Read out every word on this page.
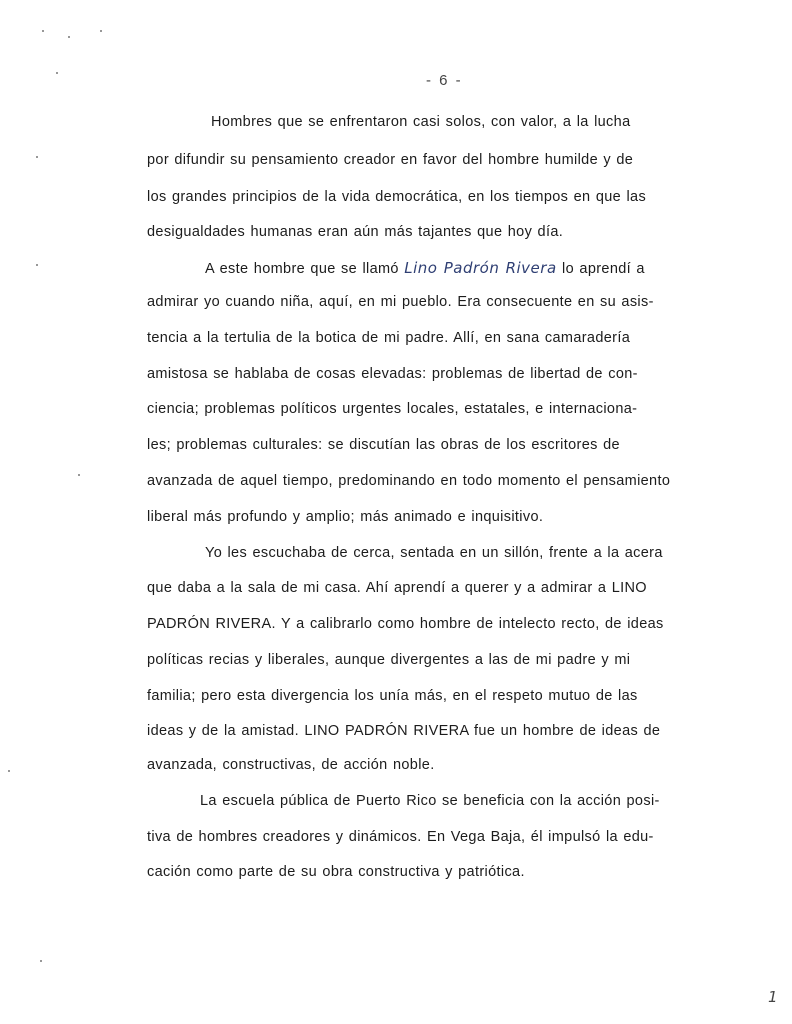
- 6 -
Hombres que se enfrentaron casi solos, con valor, a la lucha
por difundir su pensamiento creador en favor del hombre humilde y de
los grandes principios de la vida democrática, en los tiempos en que las
desigualdades humanas eran aún más tajantes que hoy día.
A este hombre que se llamó Lino Padrón Rivera lo aprendí a
admirar yo cuando niña, aquí, en mi pueblo. Era consecuente en su asis-
tencia a la tertulia de la botica de mi padre. Allí, en sana camaradería
amistosa se hablaba de cosas elevadas: problemas de libertad de con-
ciencia; problemas políticos urgentes locales, estatales, e internaciona-
les; problemas culturales: se discutían las obras de los escritores de
avanzada de aquel tiempo, predominando en todo momento el pensamiento
liberal más profundo y amplio; más animado e inquisitivo.
Yo les escuchaba de cerca, sentada en un sillón, frente a la acera
que daba a la sala de mi casa. Ahí aprendí a querer y a admirar a LINO
PADRÓN RIVERA. Y a calibrarlo como hombre de intelecto recto, de ideas
políticas recias y liberales, aunque divergentes a las de mi padre y mi
familia; pero esta divergencia los unía más, en el respeto mutuo de las
ideas y de la amistad. LINO PADRÓN RIVERA fue un hombre de ideas de
avanzada, constructivas, de acción noble.
La escuela pública de Puerto Rico se beneficia con la acción posi-
tiva de hombres creadores y dinámicos. En Vega Baja, él impulsó la edu-
cación como parte de su obra constructiva y patriótica.
1
